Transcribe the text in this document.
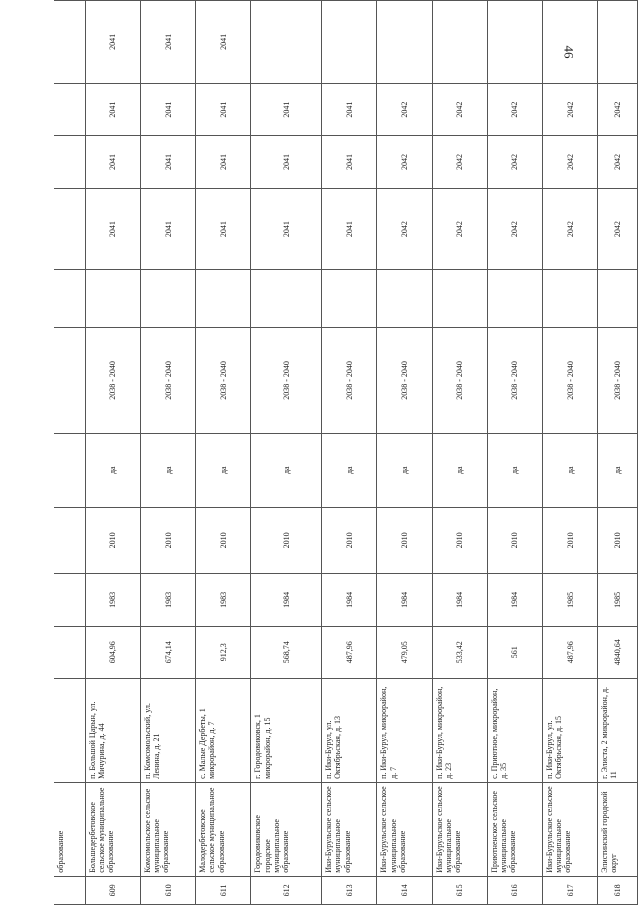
46
	образование											
609	Большедербетовское сельское муниципальное образование	п. Большой Царын, ул. Мичурина, д. 44	604,96	1983	2010	да	2038 - 2040		2041	2041	2041	2041
610	Комсомольское сельское муниципальное образование	п. Комсомольский, ул. Ленина, д. 21	674,14	1983	2010	да	2038 - 2040		2041	2041	2041	2041
611	Малодербетовское сельское муниципальное образование	с. Малые Дербеты, 1 микрорайон, д. 7	912,3	1983	2010	да	2038 - 2040		2041	2041	2041	2041
612	Городовиковское городское муниципальное образование	г. Городовиковск, 1 микрорайон, д. 15	568,74	1984	2010	да	2038 - 2040		2041	2041	2041	
613	Ики-Бурульское сельское муниципальное образование	п. Ики-Бурул, ул. Октябрьская, д. 13	487,96	1984	2010	да	2038 - 2040		2041	2041	2041	
614	Ики-Бурульское сельское муниципальное образование	п. Ики-Бурул, микрорайон, д. 7	479,05	1984	2010	да	2038 - 2040		2042	2042	2042	
615	Ики-Бурульское сельское муниципальное образование	п. Ики-Бурул, микрорайон, д. 23	533,42	1984	2010	да	2038 - 2040		2042	2042	2042	
616	Приютненское сельское муниципальное образование	с. Приютное, микрорайон, д. 35	561	1984	2010	да	2038 - 2040		2042	2042	2042	
617	Ики-Бурульское сельское муниципальное образование	п. Ики-Бурул, ул. Октябрьская, д. 15	487,96	1985	2010	да	2038 - 2040		2042	2042	2042	
618	Элистинский городской округ	г. Элиста, 2 микрорайон, д. 11	4840,64	1985	2010	да	2038 - 2040		2042	2042	2042	
